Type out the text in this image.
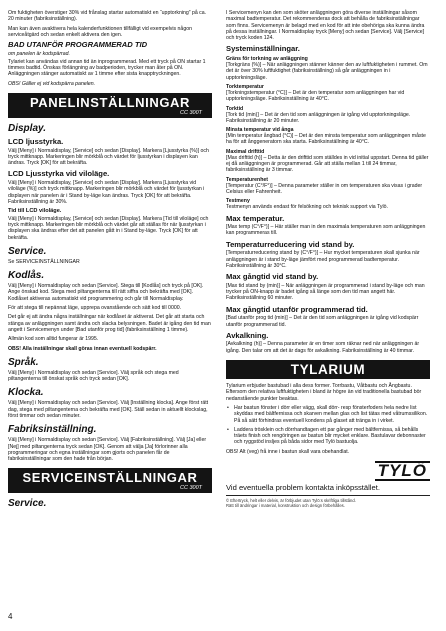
Om fuktigheten överstiger 30% vid frånslag startar automatiskt en “upptorkning” på ca. 20 minuter (fabriksinställning).

Man kan även avaktivera hela kalenderfunktionen tillfälligt vid exempelvis någon serviceåtgärd och sedan enkelt aktivera den igen.

BAD UTANFÖR PROGRAMMERAD TID
om panelen är kodspärrad.

Tylariet kan användas vid annan tid än inprogrammerad. Med ett tryck på ON startar 1 timmes badtid. Önskas förlängning av badperioden, trycker man åter på ON. Anläggningen stänger automatiskt av 1 timme efter sista knapptryckningen.

OBS! Gäller ej vid kodspärra panelen.

PANELINSTÄLLNINGAR
CC 300T
Display.
LCD ljusstyrka.

Välj [Meny] i Normaldisplay, [Service] och sedan [Display]. Markera [Ljusstyrka (%)] och tryck mittknapp. Markeringen blir mörkblå och värdet för ljusstyrkan i displayen kan ändras. Tryck [OK] för att bekräfta.

LCD Ljusstyrka vid viloläge.

Välj [Meny] i Normaldisplay, [Service] och sedan [Display]. Markera [Ljusstyrka vid viloläge (%)] och tryck mittknapp. Markeringen blir mörkblå och värdet för ljusstyrkan i displayen när panelen är i Stand by-läge kan ändras. Tryck [OK] för att bekräfta. Fabriksinställning är 30%.

Tid till LCD viloläge.

Välj [Meny] i Normaldisplay, [Service] och sedan [Display]. Markera [Tid till viloläge] och tryck mittknapp. Markeringen blir mörkblå och värdet går att ställas för när ljusstyrkan i displayen ska ändras efter det att panelen gått in i Stand by-läge. Tryck [OK] för att bekräfta.

Service.

Se SERVICEINSTÄLLNINGAR

Kodlås.

Välj [Meny] i Normaldisplay och sedan [Service]. Stega till [Kodlås] och tryck på [OK]. Ange önskad kod. Stega med piltangenterna till rätt siffra och bekräfta med [OK]. Kodlåset aktiveras automatiskt vid programmering och går till Normaldisplay.

För att stega till nepännat läge, upprepa ovanstående och sätt kod till 0000.

Det går ej att ändra några inställningar när kodlåset är aktiverat. Det går att starta och stänga av anläggningen samt ändra och slacka belysningen. Badet är igång den tid man angett i Servicemenyn under [Bad utanför prog tid] (fabriksinställning 1 timme).

Allmän kod som alltid fungerar är 1995.

OBS! Alla inställningar skall göras innan eventuell kodspärr.

Språk.

Välj [Meny] i Normaldisplay och sedan [Service]. Välj språk och stega med piltangenterna till önskat språk och tryck sedan [OK].

Klocka.

Välj [Meny] i Normaldisplay och sedan [Service]. Välj [Inställning klocka]. Ange först rätt dag, stega med piltangenterna och bekräfta med [OK]. Ställ sedan in aktuellt klockslag, först timmar och sedan minuter.

Fabriksinställning.

Välj [Meny] i Normaldisplay och sedan [Service]. Välj [Fabriksinställning]. Välj [Ja] eller [Nej] med piltangenterna tryck sedan [OK]. Genom att välja [Ja] förlorinner alla programmeringar och egna inställningar som gjorts och panelen får de fabriksinställningar som den hade från början.

SERVICEINSTÄLLNINGAR
CC 300T
Service.

I Servicemenyn kan den som sköter anläggningen göra diverse inställningar såsom maximal badtemperatur. Det rekommenderas dock att behålla de fabriksinställningar som finns. Servicemenyn är belagd med en kod för att inte obehöriga ska kunna ändra på dessa inställningar. I Normaldisplay tryck [Meny] och sedan [Service]. Välj [Service] och tryck koden 124.

Systeminställningar.
Gräns för torkning av anläggning

[Torkgräns (%)] – När anläggningen stänner känner den av luftfuktigheten i rummet. Om det är över 30% luftfuktighet (fabriksinställning) så går anläggningen in i upptorkningsläge.

Torktemperatur

[Torkningstemperatur (°C)] – Det är den temperatur som anläggningen har vid upptorkningsläge. Fabriksinställning är 40°C.

Torktid

[Tork tid (min)] – Det är den tid som anläggningen är igång vid upptorkningsläge. Fabriksinställning är 20 minuter.

Minsta temperatur vid ånga

[Min temperatur ångbad (°C)] – Det är den minsta temperatur som anläggningen måste ha för att ånggeneratorn ska starta. Fabriksinställning är 40°C.

Maximal drifttid

[Max drifttid (h)] – Detta är den drifttid som ställdes in vid initial uppstart. Denna tid gäller ej då anläggningen är programmerad. Går att ställa mellan 1 till 24 timmar, fabriksinställning är 3 timmar.

Temperaturenhet

[Temperatur (C°/F°)] – Denna parameter ställer in om temperaturen ska visas i grader Celsius eller Fahrenheit.

Testmeny

Testmenyn används endast för felsökning och teknisk support via Tylö.

Max temperatur.

[Max temp (C°/F°)] – Här ställer man in den maximala temperaturen som anläggningen kan programmeras till.

Temperaturreducering vid stand by.

[Temperaturreducering stand by (C°/F°)] – Hur mycket temperaturen skall sjunka när anläggningen är i stand by-läge jämfört med programmerad badtemperatur. Fabriksinställning är 30°C.

Max gångtid vid stand by.

[Max tid stand by (min)] – När anläggningen är programmerad i stand by-läge och man trycker på ON-knapp är badet igång så länge som den tid man angett här. Fabriksinställning 60 minuter.

Max gångtid utanför programmerad tid.

[Bad utanför prog tid (min)] – Det är den tid som anläggningen är igång vid kodspärr utanför programmerad tid.

Avkalkning.

[Avkalkning (h)] – Denna parameter är en timer som räknar ned när anläggningen är igång. Den talar om att det är dags för avkalkning. Fabriksinställning är 40 timmar.

TYLARIUM

Tylarium erbjuder bastubad i alla dess former. Torrbastu, Våtbastu och Ångbastu. Eftersom den relativa luftfuktigheten i bland är högre än vid traditionella bastubad bör nedanstående punkter beaktas.

• Har bastun fönster i dörr eller vägg, skall dörr- resp fönsterfoders hela nedre list skyddas med bältfernissa och skarven mellan glas och list tätas med våtrumssilikon. På så sätt förhindras eventuell kondens på glaset att tränga in i virket.

• Laddera trösklein och dörrhandtagen ett par gånger med bältfernissa, så behålls träets finish och rengöringen av bastun blir mycket enklare. Bastulavar debonnaster och ryggstöd insljes på båda sidor med Tylö bastuolja.

OBS! Alt (veg) frå inne i bastun skall vara obehandlat.

TYLÖ
Vid eventuella problem kontakta inköpsstället.

© Eftertryck, helt eller delvis, är förbjudet utan Tylö:s skriftliga tillstånd.

Rätt till ändringar i material, konstruktion och design förbehålles.

4
